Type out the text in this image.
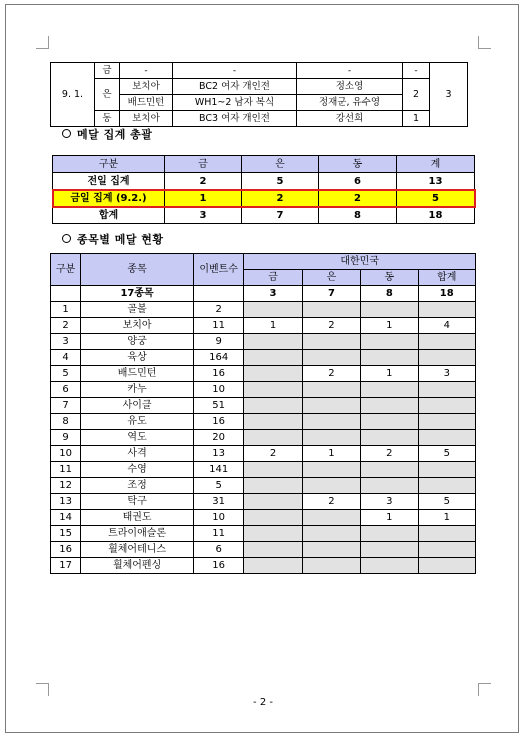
9. 1.	금	-	-	-	-	3
	은	보치아	BC2 여자 개인전	정소영	2	
		배드민턴	WH1~2 남자 복식	정재군, 유수영		
	동	보치아	BC3 여자 개인전	강선희	1	
메달 집계 총괄
구분	금	은	동	계
전일 집계	2	5	6	13
금일 집계 (9.2.)	1	2	2	5
합계	3	7	8	18
종목별 메달 현황
구분	종목	이벤트수	대한민국			
			금	은	동	합계
	17종목		3	7	8	18
1	골볼	2				
2	보치아	11	1	2	1	4
3	양궁	9				
4	육상	164				
5	배드민턴	16		2	1	3
6	카누	10				
7	사이클	51				
8	유도	16				
9	역도	20				
10	사격	13	2	1	2	5
11	수영	141				
12	조정	5				
13	탁구	31		2	3	5
14	태권도	10			1	1
15	트라이애슬론	11				
16	휠체어테니스	6				
17	휠체어펜싱	16				
- 2 -
